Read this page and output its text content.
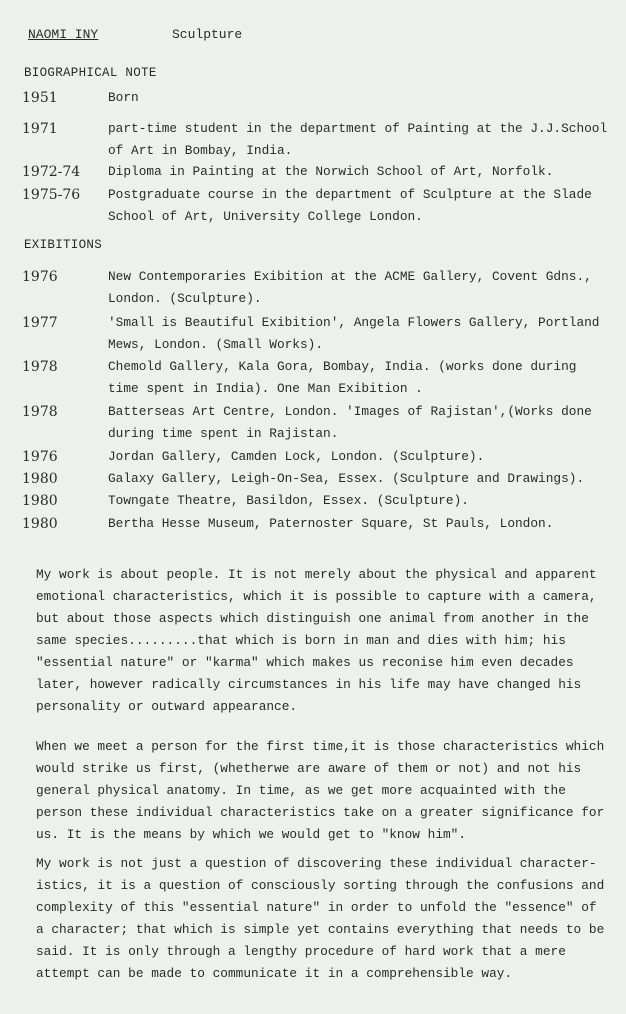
NAOMI INY	Sculpture
BIOGRAPHICAL NOTE
1951	Born
1971	part-time student in the department of Painting at the J.J.School of Art in Bombay, India.
1972-74	Diploma in Painting at the Norwich School of Art, Norfolk.
1975-76	Postgraduate course in the department of Sculpture at the Slade School of Art, University College London.
EXIBITIONS
1976	New Contemporaries Exibition at the ACME Gallery, Covent Gdns., London. (Sculpture).
1977	'Small is Beautiful Exibition', Angela Flowers Gallery, Portland Mews, London. (Small Works).
1978	Chemold Gallery, Kala Gora, Bombay, India. (works done during time spent in India). One Man Exibition .
1978	Batterseas Art Centre, London. 'Images of Rajistan',(Works done during time spent in Rajistan.
1976	Jordan Gallery, Camden Lock, London. (Sculpture).
1980	Galaxy Gallery, Leigh-On-Sea, Essex. (Sculpture and Drawings).
1980	Towngate Theatre, Basildon, Essex. (Sculpture).
1980	Bertha Hesse Museum, Paternoster Square, St Pauls, London.

My work is about people. It is not merely about the physical and apparent emotional characteristics, which it is possible to capture with a camera, but about those aspects which distinguish one animal from another in the same species.........that which is born in man and dies with him; his "essential nature" or "karma" which makes us reconise him even decades later, however radically circumstances in his life may have changed his personality or outward appearance.

When we meet a person for the first time,it is those characteristics which would strike us first, (whetherwe are aware of them or not) and not his general physical anatomy. In time, as we get more acquainted with the person these individual characteristics take on a greater significance for us. It is the means by which we would get to "know him".

My work is not just a question of discovering these individual character-istics, it is a question of consciously sorting through the confusions and complexity of this "essential nature" in order to unfold the "essence" of a character; that which is simple yet contains everything that needs to be said. It is only through a lengthy procedure of hard work that a mere attempt can be made to communicate it in a comprehensible way.
